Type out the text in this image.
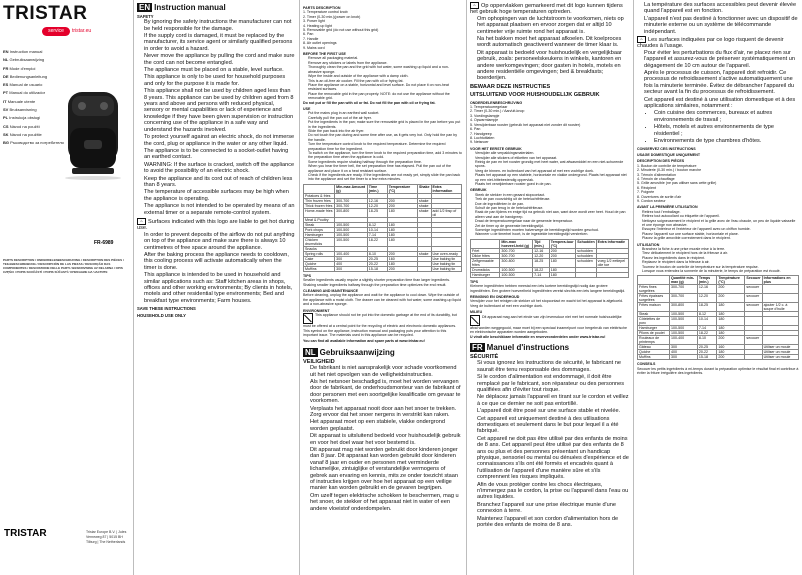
TRISTAR
service	tristar.eu
EN Instruction manual
NL Gebruiksaanwijzing
FR Mode d'emploi
DE Bedienungsanleitung
ES Manual de usuario
PT Manual do utilizador
IT Manuale utente
SV Bruksanvisning
PL Instrukcja obsługi
CS Návod na použití
SK Návod na použitie
BG Ръководство за потребителя
FR-6989
PARTS DESCRIPTION / ONDERDELENBESCHRIJVING / DESCRIPTION DES PIÈCES / TEILEBESCHREIBUNG / DESCRIPCIÓN DE LAS PIEZAS / DESCRIÇÃO DAS COMPONENTES / DESCRIZIONE DELLE PARTI / BESKRIVNING AV DELARNA / OPIS CZĘŚCI / POPIS SOUČÁSTÍ / POPIS SÚČASTÍ / ОПИСАНИЕ НА ЧАСТИТЕ
TRISTAR	Tristar Europe B.V. | Jules Verneweg 87 | 5015 BH Tilburg | The Netherlands
EN Instruction manual
SAFETY
• By ignoring the safety instructions the manufacturer can not be held responsible for the damage.
• If the supply cord is damaged, it must be replaced by the manufacturer, its service agent or similarly qualified persons in order to avoid a hazard.
• Never move the appliance by pulling the cord and make sure the cord can not become entangled.
• The appliance must be placed on a stable, level surface.
• This appliance is only to be used for household purposes and only for the purpose it is made for.
• This appliance shall not be used by children aged less than 8 years. This appliance can be used by children aged from 8 years and above and persons with reduced physical, sensory or mental capabilities or lack of experience and knowledge if they have been given supervision or instruction concerning use of the appliance in a safe way and understand the hazards involved.
• To protect yourself against an electric shock, do not immerse the cord, plug or appliance in the water or any other liquid.
• The appliance is to be connected to a socket-outlet having an earthed contact.
• WARNING: If the surface is cracked, switch off the appliance to avoid the possibility of an electric shock.
• Keep the appliance and its cord out of reach of children less than 8 years.
• The temperature of accessible surfaces may be high when the appliance is operating.
• The appliance is not intended to be operated by means of an external timer or a separate remote-control system.
♨ Surfaces indicated with this logo are liable to get hot during use.
• In order to prevent deposits of the airflow do not put anything on top of the appliance and make sure there is always 10 centimetres of free space around the appliance.
• After the baking process the appliance needs to cooldown, this cooling process will activate automatically when the timer is done.
• This appliance is intended to be used in household and similar applications such as: Staff kitchen areas in shops, offices and other working environments; By clients in hotels, motels and other residential type environments; Bed and breakfast type environments; Farm houses.
SAVE THESE INSTRUCTIONS
HOUSEHOLD USE ONLY
PARTS DESCRIPTION
1. Temperature control knob
2. Timer (0-30 min.)(power on knob)
3. Power light
4. Heating up light
5. Removable grid (do not use without this grid)
6. Pan
7. Handle
8. Air outlet openings
9. Mains cord
BEFORE THE FIRST USE
• Remove all packaging material.
• Remove any stickers or labels from the appliance.
• Thoroughly clean the pan and the grid with hot water, some washing up liquid and a non-abrasive sponge.
• Wipe the inside and outside of the appliance with a damp cloth.
• This is an oil-free air cooker. Fill the pan with oil or frying fat.
• Place the appliance on a stable, horizontal and level surface. Do not place it on non-heat resistant surfaces.
• Place the removable grid in the pan properly. NOTE: do not use the appliance without the removable grid.
Do not put or fill the pan with oil or fat. Do not fill the pan with oil or frying fat.
USE
• Put the mains plug in an earthed wall socket.
• Carefully pull the pan out of the air fryer.
• Put the ingredients in the pan; make sure the removable grid is placed in the pan before you put in the ingredients.
• Slide the pan back into the air fryer.
• Do not touch the pan during and some time after use, as it gets very hot. Only hold the pan by the handle.
• Turn the temperature control knob to the required temperature. Determine the required preparation time for the ingredient.
• To switch on the appliance, turn the timer knob to the required preparation time, add 3 minutes to the preparation time when the appliance is cold.
• Some ingredients require shaking halfway through the preparation time.
• When you hear the timer bell, the set preparation time has elapsed. Pull the pan out of the appliance and place it on a heat resistant surface.
• Check if the ingredients are ready. If the ingredients are not ready yet, simply slide the pan back into the appliance and set the timer to a few extra minutes.
	Min-max Amount (g)	Time (min.)	Temperature (°C)	Shake	Extra information
Potatoes & fries					
Thin frozen fries	300-700	12-16	200	shake	
Thick frozen fries	300-700	12-20	200	shake	
Home-made fries	300-800	18-25	180	shake	add 1/2 tbsp of oil
Meat & Poultry					
Steak	100-500	8-12	180		
Pork chops	100-500	10-14	180		
Hamburger	100-500	7-14	180		
Chicken drumsticks	100-500	18-22	180		
Snacks					
Spring rolls	100-400	8-10	200	shake	Use oven-ready
Cake	300	20-25	160		Use baking tin
Quiche	400	20-22	180		Use baking tin
Muffins	300	15-18	200		Use baking tin
TIPS
Smaller ingredients usually require a slightly shorter preparation time than larger ingredients. Shaking smaller ingredients halfway through the preparation time optimizes the end result.
CLEANING AND MAINTENANCE
Before cleaning, unplug the appliance and wait for the appliance to cool down. Wipe the outside of the appliance with a moist cloth. The drawer can be cleaned with hot water, some washing-up liquid and a non-abrasive sponge.
ENVIRONMENT
This appliance should not be put into the domestic garbage at the end of its durability, but must be offered at a central point for the recycling of electric and electronic domestic appliances. This symbol on the appliance, instruction manual and packaging puts your attention to this important issue. The materials used in this appliance can be recycled.
You can find all available information and spare parts at www.tristar.eu!
NL Gebruiksaanwijzing
VEILIGHEID
• De fabrikant is niet aansprakelijk voor schade voortkomend uit het niet opvolgen van de veiligheidsinstructies.
• Als het netsnoer beschadigd is, moet het worden vervangen door de fabrikant, de onderhoudsmonteur van de fabrikant of door personen met een soortgelijke kwalificatie om gevaar te voorkomen.
• Verplaats het apparaat nooit door aan het snoer te trekken. Zorg ervoor dat het snoer nergens in verstrikt kan raken.
• Het apparaat moet op een stabiele, vlakke ondergrond worden geplaatst.
• Dit apparaat is uitsluitend bedoeld voor huishoudelijk gebruik en voor het doel waar het voor bestemd is.
• Dit apparaat mag niet worden gebruikt door kinderen jonger dan 8 jaar. Dit apparaat kan worden gebruikt door kinderen vanaf 8 jaar en ouder en personen met verminderde lichamelijke, zintuiglijke of verstandelijke vermogens of gebrek aan ervaring en kennis, mits ze onder toezicht staan of instructies krijgen over hoe het apparaat op een veilige manier kan worden gebruikt en de gevaren begrijpen.
• Om uzelf tegen elektrische schokken te beschermen, mag u het snoer, de stekker of het apparaat niet in water of een andere vloeistof onderdompelen.
♨ Op oppervlakken gemarkeerd met dit logo kunnen tijdens het gebruik hoge temperaturen optreden.
• Om ophopingen van de luchtstroom te voorkomen, niets op het apparaat plaatsen en ervoor zorgen dat er altijd 10 centimeter vrije ruimte rond het apparaat is.
• Na het bakken moet het apparaat afkoelen. Dit koelproces wordt automatisch geactiveerd wanneer de timer klaar is.
• Dit apparaat is bedoeld voor huishoudelijk en vergelijkbaar gebruik, zoals: personeelskeukens in winkels, kantoren en andere werkomgevingen; door gasten in hotels, motels en andere residentiële omgevingen; bed & breakfasts; boerderijen.
BEWAAR DEZE INSTRUCTIES
UITSLUITEND VOOR HUISHOUDELIJK GEBRUIK
ONDERDELENBESCHRIJVING
1. Temperatuurregelaar
2. Timer (0-30 min.) / Aan/uit-knop
3. Voedingslampje
4. Opwarmlampje
5. Verwijderbaar rooster (gebruik het apparaat niet zonder dit rooster)
6. Pan
7. Handgreep
8. Luchtuitlaten
9. Netsnoer
VOOR HET EERSTE GEBRUIK
• Verwijder alle verpakkingsmaterialen.
• Verwijder alle stickers of etiketten van het apparaat.
• Reinig de pan en het rooster grondig met heet water, wat afwasmiddel en een niet-schurende spons.
• Veeg de binnen- en buitenkant van het apparaat af met een vochtige doek.
• Plaats het apparaat op een stabiele, horizontale en vlakke ondergrond. Plaats het apparaat niet op een niet-hittebestendig oppervlak.
• Plaats het verwijderbare rooster goed in de pan.
GEBRUIK
• Steek de stekker in een geaard stopcontact.
• Trek de pan voorzichtig uit de heteluchtfriteuse.
• Doe de ingrediënten in de pan.
• Schuif de pan terug in de heteluchtfriteuse.
• Raak de pan tijdens en enige tijd na gebruik niet aan, want deze wordt zeer heet. Houd de pan alleen vast aan de handgreep.
• Draai de temperatuurregelaar naar de gewenste temperatuur.
• Zet de timer op de gewenste bereidingstijd.
• Sommige ingrediënten moeten halverwege de bereidingstijd worden geschud.
• Wanneer u de timerbel hoort, is de ingestelde bereidingstijd verstreken.
	Min-max hoeveel-heid (g)	Tijd (min.)	Tempera-tuur (°C)	Schudden	Extra informatie
Friet	300-700	12-16	200	schudden	
Dikke frites	300-700	12-20	200	schudden	
Zelfgemaakte frites	300-800	18-25	180	schudden	voeg 1/2 eetlepel olie toe
Drumsticks	100-500	18-22	180		
Hamburger	100-500	7-14	180		
TIPS
Kleinere ingrediënten hebben meestal een iets kortere bereidingstijd nodig dan grotere ingrediënten. Een grotere hoeveelheid ingrediënten vereist slechts een iets langere bereidingstijd.
REINIGING EN ONDERHOUD
Verwijder voor het reinigen de stekker uit het stopcontact en wacht tot het apparaat is afgekoeld. Veeg de buitenkant af met een vochtige doek.
MILIEU
Dit apparaat mag aan het einde van zijn levensduur niet met het normale huishoudelijke afval worden weggegooid, maar moet bij een speciaal inzamelpunt voor hergebruik van elektrische en elektronische apparaten worden aangeboden.
U vindt alle beschikbare informatie en reserveonderdelen onder www.tristar.eu!
FR Manuel d'instructions
SÉCURITÉ
• Si vous ignorez les instructions de sécurité, le fabricant ne saurait être tenu responsable des dommages.
• Si le cordon d'alimentation est endommagé, il doit être remplacé par le fabricant, son réparateur ou des personnes qualifiées afin d'éviter tout risque.
• Ne déplacez jamais l'appareil en tirant sur le cordon et veillez à ce que ce dernier ne soit pas entortillé.
• L'appareil doit être posé sur une surface stable et nivelée.
• Cet appareil est uniquement destiné à des utilisations domestiques et seulement dans le but pour lequel il a été fabriqué.
• Cet appareil ne doit pas être utilisé par des enfants de moins de 8 ans. Cet appareil peut être utilisé par des enfants de 8 ans ou plus et des personnes présentant un handicap physique, sensoriel ou mental ou dénuées d'expérience et de connaissances s'ils ont été formés et encadrés quant à l'utilisation de l'appareil d'une manière sûre et s'ils comprennent les risques impliqués.
• Afin de vous protéger contre les chocs électriques, n'immergez pas le cordon, la prise ou l'appareil dans l'eau ou autres liquides.
• Branchez l'appareil sur une prise électrique munie d'une connexion à terre.
• Maintenez l'appareil et son cordon d'alimentation hors de portée des enfants de moins de 8 ans.
• La température des surfaces accessibles peut devenir élevée quand l'appareil est en fonction.
• L'appareil n'est pas destiné à fonctionner avec un dispositif de minuterie externe ou un système de télécommande indépendant.
♨ Les surfaces indiquées par ce logo risquent de devenir chaudes à l'usage.
• Pour éviter les perturbations du flux d'air, ne placez rien sur l'appareil et assurez-vous de préserver systématiquement un dégagement de 10 cm autour de l'appareil.
• Après le processus de cuisson, l'appareil doit refroidir. Ce processus de refroidissement s'active automatiquement une fois la minuterie terminée. Évitez de débrancher l'appareil du secteur avant la fin du processus de refroidissement.
• Cet appareil est destiné à une utilisation domestique et à des applications similaires, notamment :
• Coin cuisine des commerces, bureaux et autres environnements de travail ;
• Hôtels, motels et autres environnements de type résidentiel ;
• Environnements de type chambres d'hôtes.
CONSERVEZ CES INSTRUCTIONS
USAGE DOMESTIQUE UNIQUEMENT
DESCRIPTION DES PIÈCES
1. Bouton de contrôle de température
2. Minuterie (0-30 min.) / bouton marche
3. Témoin d'alimentation
4. Témoin de chauffage
5. Grille amovible (ne pas utiliser sans cette grille)
6. Récipient
7. Poignée
8. Ouvertures de sortie d'air
9. Cordon secteur
AVANT LA PREMIÈRE UTILISATION
• Retirez tout l'emballage.
• Retirez tout autocollant ou étiquette de l'appareil.
• Nettoyez soigneusement le récipient et la grille avec de l'eau chaude, un peu de liquide vaisselle et une éponge non abrasive.
• Essuyez l'intérieur et l'extérieur de l'appareil avec un chiffon humide.
• Placez l'appareil sur une surface stable, horizontale et plane.
• Placez la grille amovible correctement dans le récipient.
UTILISATION
• Branchez la fiche à une prise murale mise à la terre.
• Tirez délicatement le récipient hors de la friteuse à air.
• Placez les ingrédients dans le récipient.
• Replacez le récipient dans la friteuse à air.
• Tournez le bouton de contrôle de température sur la température requise.
• Lorsque vous entendez la sonnerie de la minuterie, le temps de préparation est écoulé.
	Quantité min-max (g)	Temps (min.)	Température (°C)	Secouer	Informations en plus
Frites fines surgelées	300-700	12-16	200	secouer	
Frites épaisses surgelées	300-700	12-20	200	secouer	
Frites maison	300-800	18-25	180	secouer	ajouter 1/2 c. à soupe d'huile
Steak	100-500	8-12	180		
Côtelettes de porc	100-500	10-14	180		
Hamburger	100-500	7-14	180		
Pilons de poulet	100-500	18-22	180		
Rouleaux de printemps	100-400	8-10	200	secouer	
Gâteau	300	20-25	160		Utiliser un moule
Quiche	400	20-22	180		Utiliser un moule
Muffins	300	15-18	200		Utiliser un moule
CONSEILS
Secouer les petits ingrédients à mi-temps durant la préparation optimise le résultat final et contribue à éviter la friture irrégulière des ingrédients.
